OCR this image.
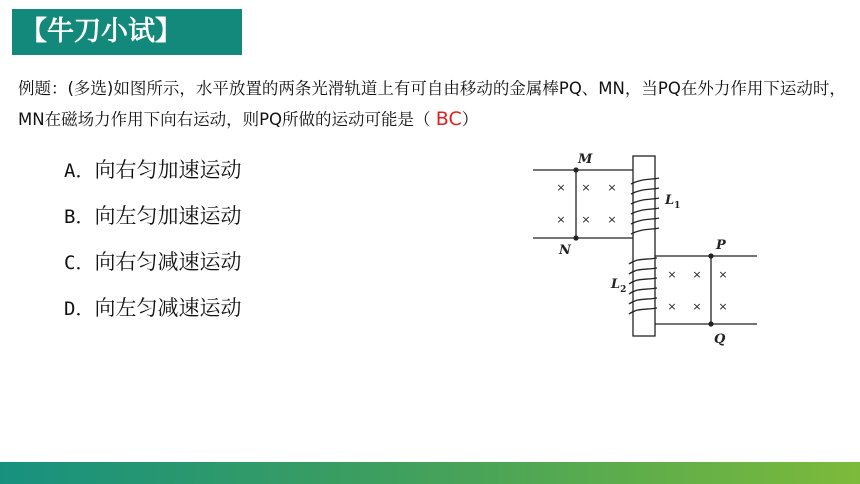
【牛刀小试】
例题：(多选)如图所示，水平放置的两条光滑轨道上有可自由移动的金属棒PQ、MN，当PQ在外力作用下运动时，MN在磁场力作用下向右运动，则PQ所做的运动可能是（ BC）
A．向右匀加速运动
B．向左匀加速运动
C．向右匀减速运动
D．向左匀减速运动
× × ×
× × ×
× × ×
× × ×
M
N	P
Q
$L_1$
$L_2$
